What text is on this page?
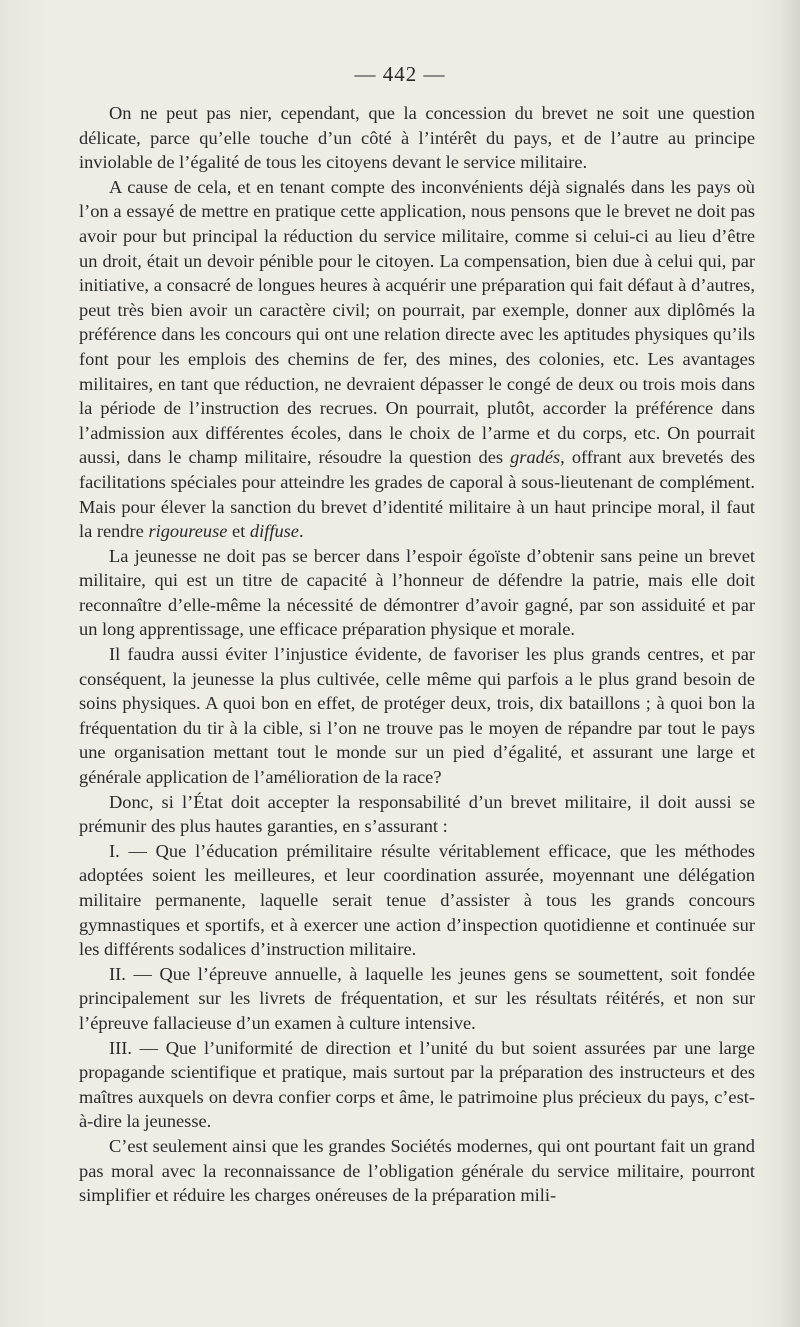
— 442 —

On ne peut pas nier, cependant, que la concession du brevet ne soit une question délicate, parce qu’elle touche d’un côté à l’intérêt du pays, et de l’autre au principe inviolable de l’égalité de tous les citoyens devant le service militaire.

A cause de cela, et en tenant compte des inconvénients déjà signalés dans les pays où l’on a essayé de mettre en pratique cette application, nous pensons que le brevet ne doit pas avoir pour but principal la réduction du service militaire, comme si celui-ci au lieu d’être un droit, était un devoir pénible pour le citoyen. La compensation, bien due à celui qui, par initiative, a consacré de longues heures à acquérir une préparation qui fait défaut à d’autres, peut très bien avoir un caractère civil; on pourrait, par exemple, donner aux diplômés la préférence dans les concours qui ont une relation directe avec les aptitudes physiques qu’ils font pour les emplois des chemins de fer, des mines, des colonies, etc. Les avantages militaires, en tant que réduction, ne devraient dépasser le congé de deux ou trois mois dans la période de l’instruction des recrues. On pourrait, plutôt, accorder la préférence dans l’admission aux différentes écoles, dans le choix de l’arme et du corps, etc. On pourrait aussi, dans le champ militaire, résoudre la question des gradés, offrant aux brevetés des facilitations spéciales pour atteindre les grades de caporal à sous-lieutenant de complément. Mais pour élever la sanction du brevet d’identité militaire à un haut principe moral, il faut la rendre rigoureuse et diffuse.

La jeunesse ne doit pas se bercer dans l’espoir égoïste d’obtenir sans peine un brevet militaire, qui est un titre de capacité à l’honneur de défendre la patrie, mais elle doit reconnaître d’elle-même la nécessité de démontrer d’avoir gagné, par son assiduité et par un long apprentissage, une efficace préparation physique et morale.

Il faudra aussi éviter l’injustice évidente, de favoriser les plus grands centres, et par conséquent, la jeunesse la plus cultivée, celle même qui parfois a le plus grand besoin de soins physiques. A quoi bon en effet, de protéger deux, trois, dix bataillons ; à quoi bon la fréquentation du tir à la cible, si l’on ne trouve pas le moyen de répandre par tout le pays une organisation mettant tout le monde sur un pied d’égalité, et assurant une large et générale application de l’amélioration de la race?

Donc, si l’État doit accepter la responsabilité d’un brevet militaire, il doit aussi se prémunir des plus hautes garanties, en s’assurant :

I. — Que l’éducation prémilitaire résulte véritablement efficace, que les méthodes adoptées soient les meilleures, et leur coordination assurée, moyennant une délégation militaire permanente, laquelle serait tenue d’assister à tous les grands concours gymnastiques et sportifs, et à exercer une action d’inspection quotidienne et continuée sur les différents sodalices d’instruction militaire.

II. — Que l’épreuve annuelle, à laquelle les jeunes gens se soumettent, soit fondée principalement sur les livrets de fréquentation, et sur les résultats réitérés, et non sur l’épreuve fallacieuse d’un examen à culture intensive.

III. — Que l’uniformité de direction et l’unité du but soient assurées par une large propagande scientifique et pratique, mais surtout par la préparation des instructeurs et des maîtres auxquels on devra confier corps et âme, le patrimoine plus précieux du pays, c’est-à-dire la jeunesse.

C’est seulement ainsi que les grandes Sociétés modernes, qui ont pourtant fait un grand pas moral avec la reconnaissance de l’obligation générale du service militaire, pourront simplifier et réduire les charges onéreuses de la préparation mili-
